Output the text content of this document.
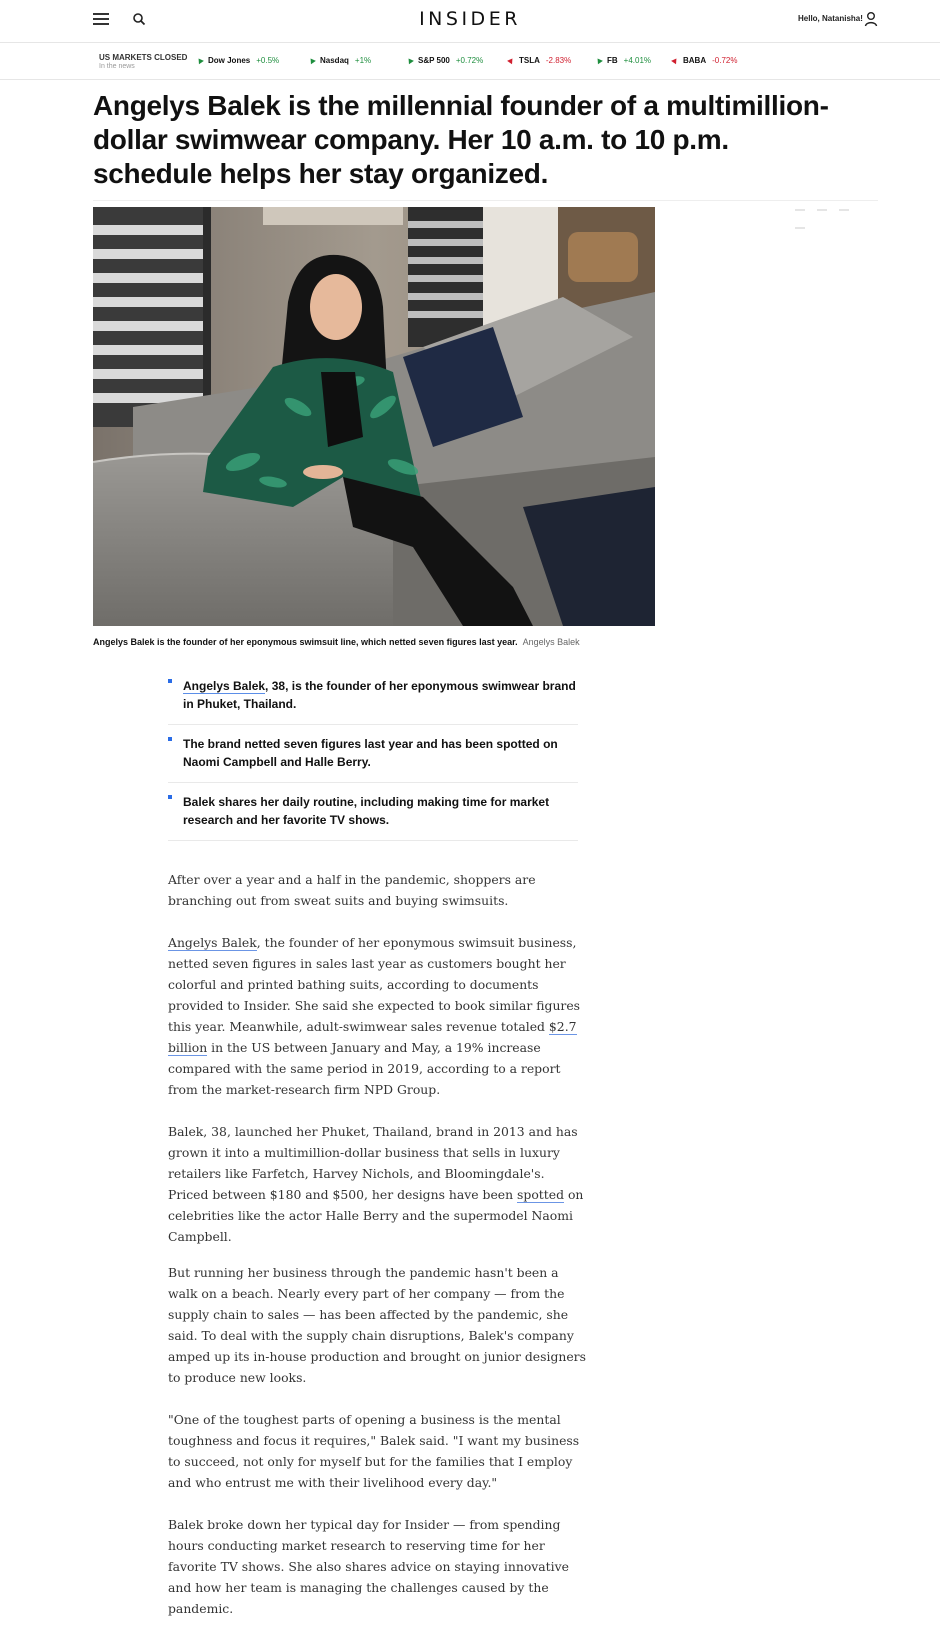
INSIDER	Hello, Natanisha!
US MARKETS CLOSED
In the news
Dow Jones +0.5%	Nasdaq +1%	S&P 500 +0.72%	TSLA -2.83%	FB +4.01%	BABA -0.72%
Angelys Balek is the millennial founder of a multimillion-dollar swimwear company. Her 10 a.m. to 10 p.m. schedule helps her stay organized.
Angelys Balek is the founder of her eponymous swimsuit line, which netted seven figures last year. Angelys Balek
Angelys Balek, 38, is the founder of her eponymous swimwear brand in Phuket, Thailand.
The brand netted seven figures last year and has been spotted on Naomi Campbell and Halle Berry.
Balek shares her daily routine, including making time for market research and her favorite TV shows.

After over a year and a half in the pandemic, shoppers are branching out from sweat suits and buying swimsuits.

Angelys Balek, the founder of her eponymous swimsuit business, netted seven figures in sales last year as customers bought her colorful and printed bathing suits, according to documents provided to Insider. She said she expected to book similar figures this year. Meanwhile, adult-swimwear sales revenue totaled $2.7 billion in the US between January and May, a 19% increase compared with the same period in 2019, according to a report from the market-research firm NPD Group.

Balek, 38, launched her Phuket, Thailand, brand in 2013 and has grown it into a multimillion-dollar business that sells in luxury retailers like Farfetch, Harvey Nichols, and Bloomingdale's. Priced between $180 and $500, her designs have been spotted on celebrities like the actor Halle Berry and the supermodel Naomi Campbell.

But running her business through the pandemic hasn't been a walk on a beach. Nearly every part of her company — from the supply chain to sales — has been affected by the pandemic, she said. To deal with the supply chain disruptions, Balek's company amped up its in-house production and brought on junior designers to produce new looks.

"One of the toughest parts of opening a business is the mental toughness and focus it requires," Balek said. "I want my business to succeed, not only for myself but for the families that I employ and who entrust me with their livelihood every day."

Balek broke down her typical day for Insider — from spending hours conducting market research to reserving time for her favorite TV shows. She also shares advice on staying innovative and how her team is managing the challenges caused by the pandemic.
